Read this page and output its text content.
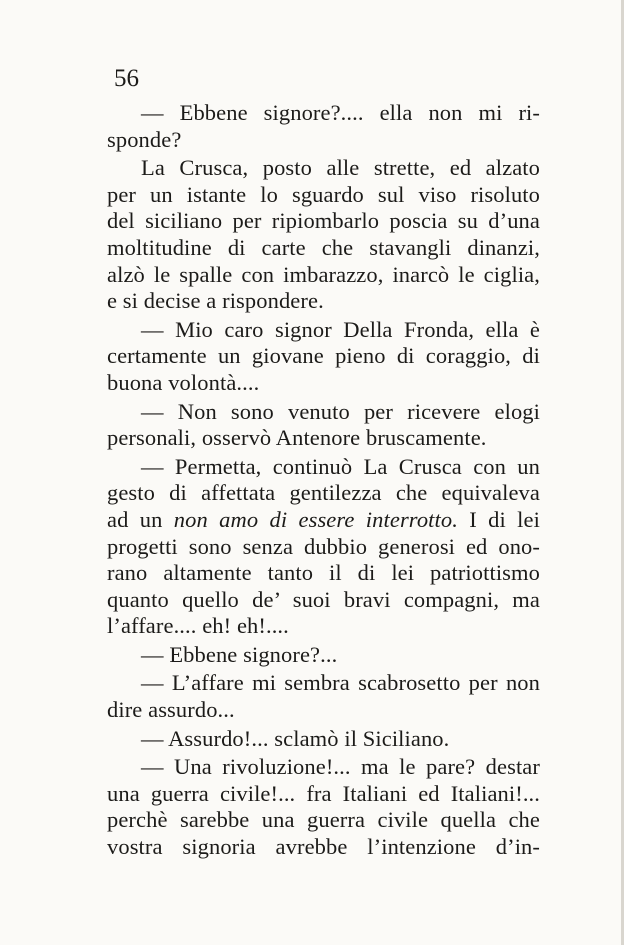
56
— Ebbene signore?.... ella non mi ri-
sponde?
La Crusca, posto alle strette, ed alzato
per un istante lo sguardo sul viso risoluto
del siciliano per ripiombarlo poscia su d’una
moltitudine di carte che stavangli dinanzi,
alzò le spalle con imbarazzo, inarcò le ciglia,
e si decise a rispondere.
— Mio caro signor Della Fronda, ella è
certamente un giovane pieno di coraggio, di
buona volontà....
— Non sono venuto per ricevere elogi
personali, osservò Antenore bruscamente.
— Permetta, continuò La Crusca con un
gesto di affettata gentilezza che equivaleva
ad un non amo di essere interrotto. I di lei
progetti sono senza dubbio generosi ed ono-
rano altamente tanto il di lei patriottismo
quanto quello de’ suoi bravi compagni, ma
l’affare.... eh! eh!....
— Ebbene signore?...
— L’affare mi sembra scabrosetto per non
dire assurdo...
— Assurdo!... sclamò il Siciliano.
— Una rivoluzione!... ma le pare? destar
una guerra civile!... fra Italiani ed Italiani!...
perchè sarebbe una guerra civile quella che
vostra signoria avrebbe l’intenzione d’in-
